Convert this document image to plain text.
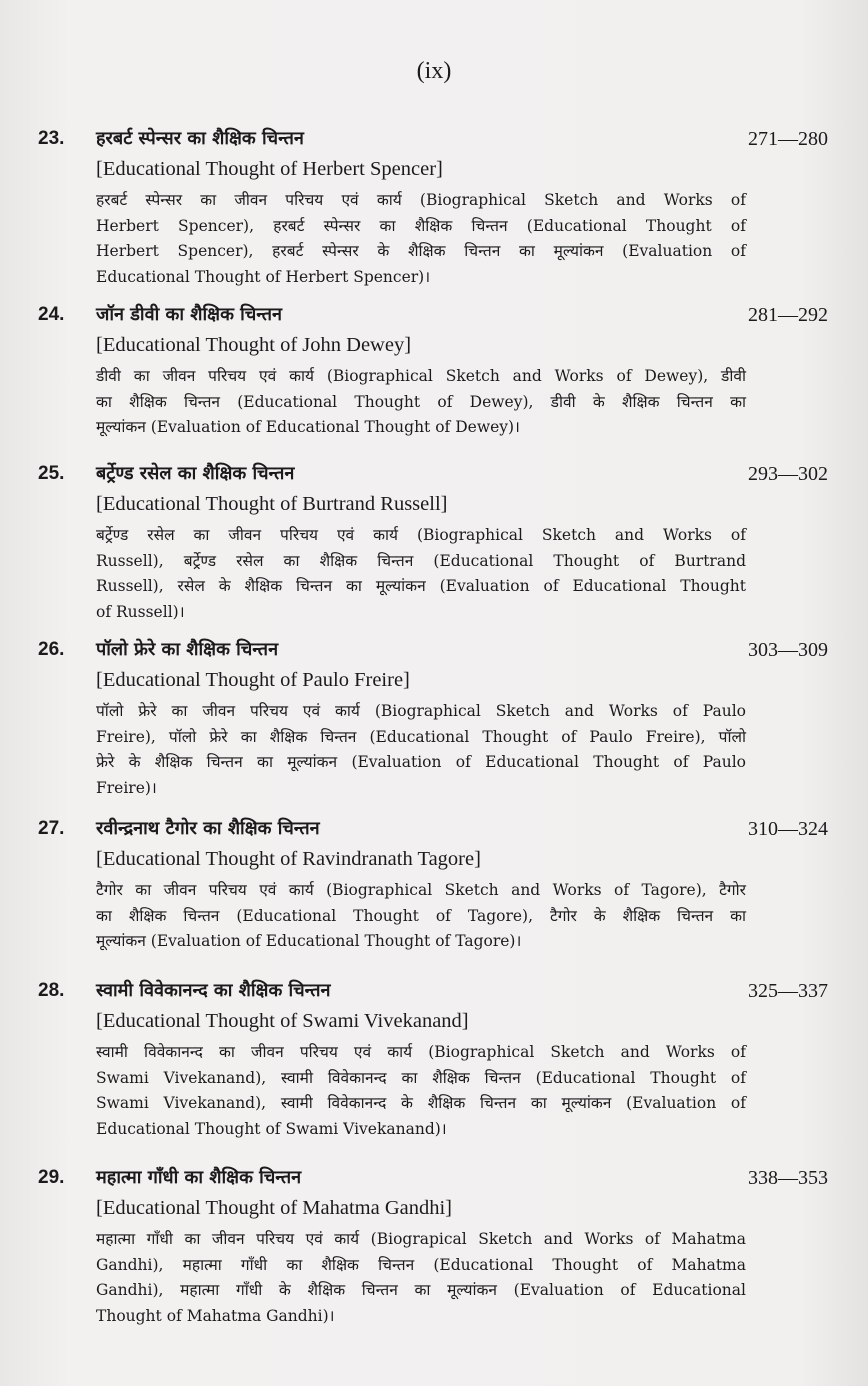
(ix)
23. हरबर्ट स्पेन्सर का शैक्षिक चिन्तन	271—280
[Educational Thought of Herbert Spencer]
हरबर्ट स्पेन्सर का जीवन परिचय एवं कार्य (Biographical Sketch and Works of
Herbert Spencer), हरबर्ट स्पेन्सर का शैक्षिक चिन्तन (Educational Thought of
Herbert Spencer), हरबर्ट स्पेन्सर के शैक्षिक चिन्तन का मूल्यांकन (Evaluation of
Educational Thought of Herbert Spencer)।
24. जॉन डीवी का शैक्षिक चिन्तन	281—292
[Educational Thought of John Dewey]
डीवी का जीवन परिचय एवं कार्य (Biographical Sketch and Works of Dewey), डीवी
का शैक्षिक चिन्तन (Educational Thought of Dewey), डीवी के शैक्षिक चिन्तन का
मूल्यांकन (Evaluation of Educational Thought of Dewey)।
25. बर्ट्रेण्ड रसेल का शैक्षिक चिन्तन	293—302
[Educational Thought of Burtrand Russell]
बर्ट्रेण्ड रसेल का जीवन परिचय एवं कार्य (Biographical Sketch and Works of
Russell), बर्ट्रेण्ड रसेल का शैक्षिक चिन्तन (Educational Thought of Burtrand
Russell), रसेल के शैक्षिक चिन्तन का मूल्यांकन (Evaluation of Educational Thought
of Russell)।
26. पॉलो फ्रेरे का शैक्षिक चिन्तन	303—309
[Educational Thought of Paulo Freire]
पॉलो फ्रेरे का जीवन परिचय एवं कार्य (Biographical Sketch and Works of Paulo
Freire), पॉलो फ्रेरे का शैक्षिक चिन्तन (Educational Thought of Paulo Freire), पॉलो
फ्रेरे के शैक्षिक चिन्तन का मूल्यांकन (Evaluation of Educational Thought of Paulo
Freire)।
27. रवीन्द्रनाथ टैगोर का शैक्षिक चिन्तन	310—324
[Educational Thought of Ravindranath Tagore]
टैगोर का जीवन परिचय एवं कार्य (Biographical Sketch and Works of Tagore), टैगोर
का शैक्षिक चिन्तन (Educational Thought of Tagore), टैगोर के शैक्षिक चिन्तन का
मूल्यांकन (Evaluation of Educational Thought of Tagore)।
28. स्वामी विवेकानन्द का शैक्षिक चिन्तन	325—337
[Educational Thought of Swami Vivekanand]
स्वामी विवेकानन्द का जीवन परिचय एवं कार्य (Biographical Sketch and Works of
Swami Vivekanand), स्वामी विवेकानन्द का शैक्षिक चिन्तन (Educational Thought of
Swami Vivekanand), स्वामी विवेकानन्द के शैक्षिक चिन्तन का मूल्यांकन (Evaluation of
Educational Thought of Swami Vivekanand)।
29. महात्मा गाँधी का शैक्षिक चिन्तन	338—353
[Educational Thought of Mahatma Gandhi]
महात्मा गाँधी का जीवन परिचय एवं कार्य (Biograpical Sketch and Works of Mahatma
Gandhi), महात्मा गाँधी का शैक्षिक चिन्तन (Educational Thought of Mahatma
Gandhi), महात्मा गाँधी के शैक्षिक चिन्तन का मूल्यांकन (Evaluation of Educational
Thought of Mahatma Gandhi)।
